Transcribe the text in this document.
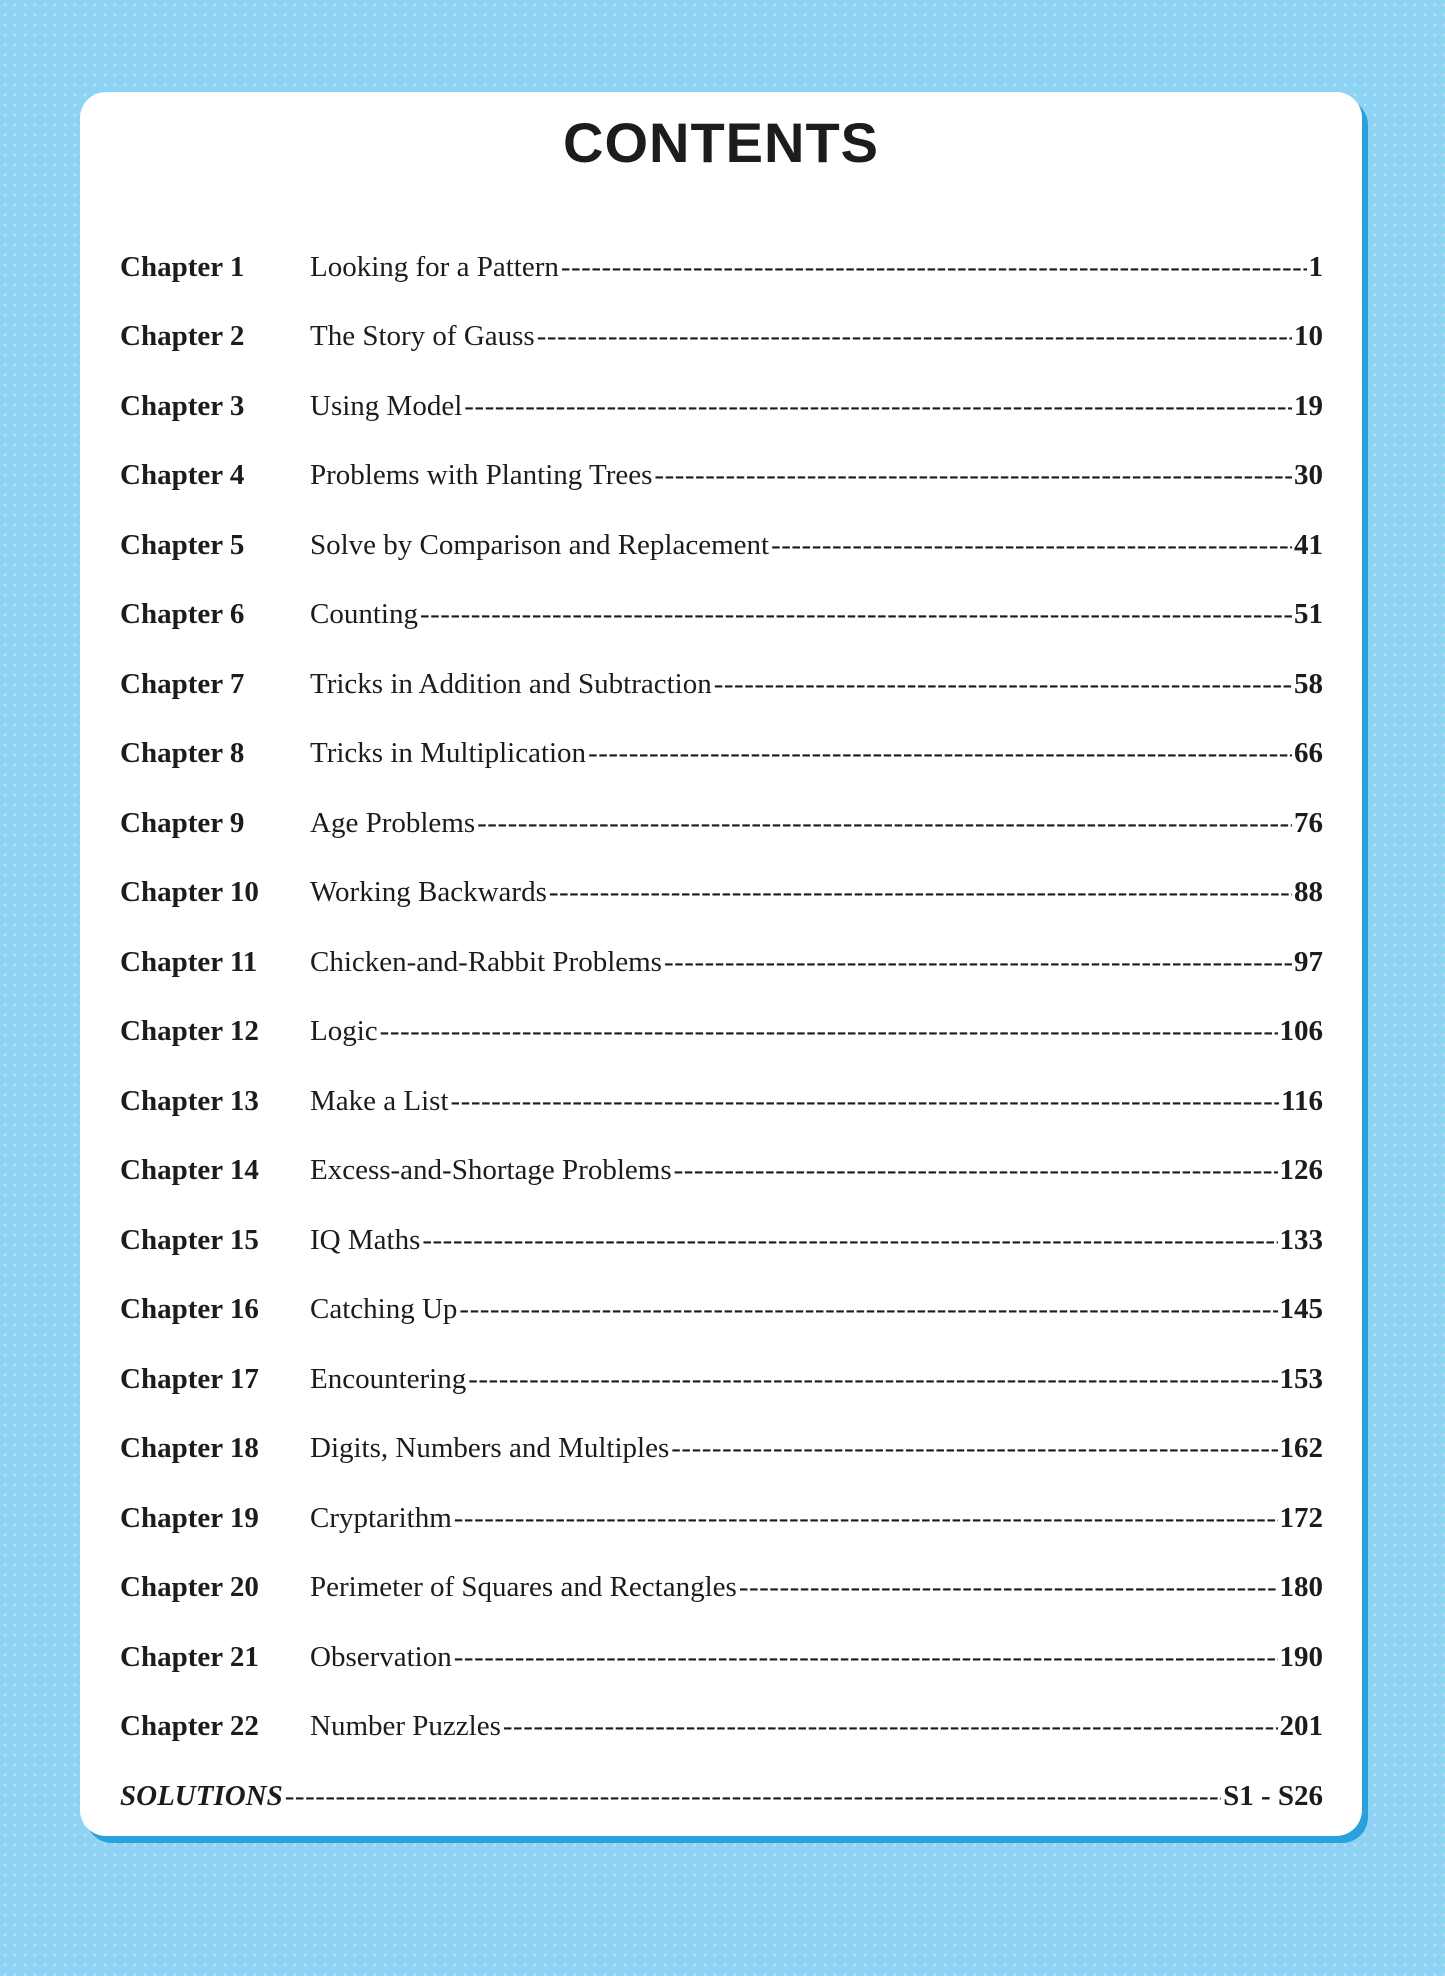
CONTENTS
Chapter 1	Looking for a Pattern -----	1
Chapter 2	The Story of Gauss -----	10
Chapter 3	Using Model -----	19
Chapter 4	Problems with Planting Trees -----	30
Chapter 5	Solve by Comparison and Replacement -----	41
Chapter 6	Counting -----	51
Chapter 7	Tricks in Addition and Subtraction -----	58
Chapter 8	Tricks in Multiplication -----	66
Chapter 9	Age Problems -----	76
Chapter 10	Working Backwards -----	88
Chapter 11	Chicken-and-Rabbit Problems -----	97
Chapter 12	Logic -----	106
Chapter 13	Make a List -----	116
Chapter 14	Excess-and-Shortage Problems -----	126
Chapter 15	IQ Maths -----	133
Chapter 16	Catching Up -----	145
Chapter 17	Encountering -----	153
Chapter 18	Digits, Numbers and Multiples -----	162
Chapter 19	Cryptarithm -----	172
Chapter 20	Perimeter of Squares and Rectangles -----	180
Chapter 21	Observation -----	190
Chapter 22	Number Puzzles -----	201
SOLUTIONS -----	S1 - S26
